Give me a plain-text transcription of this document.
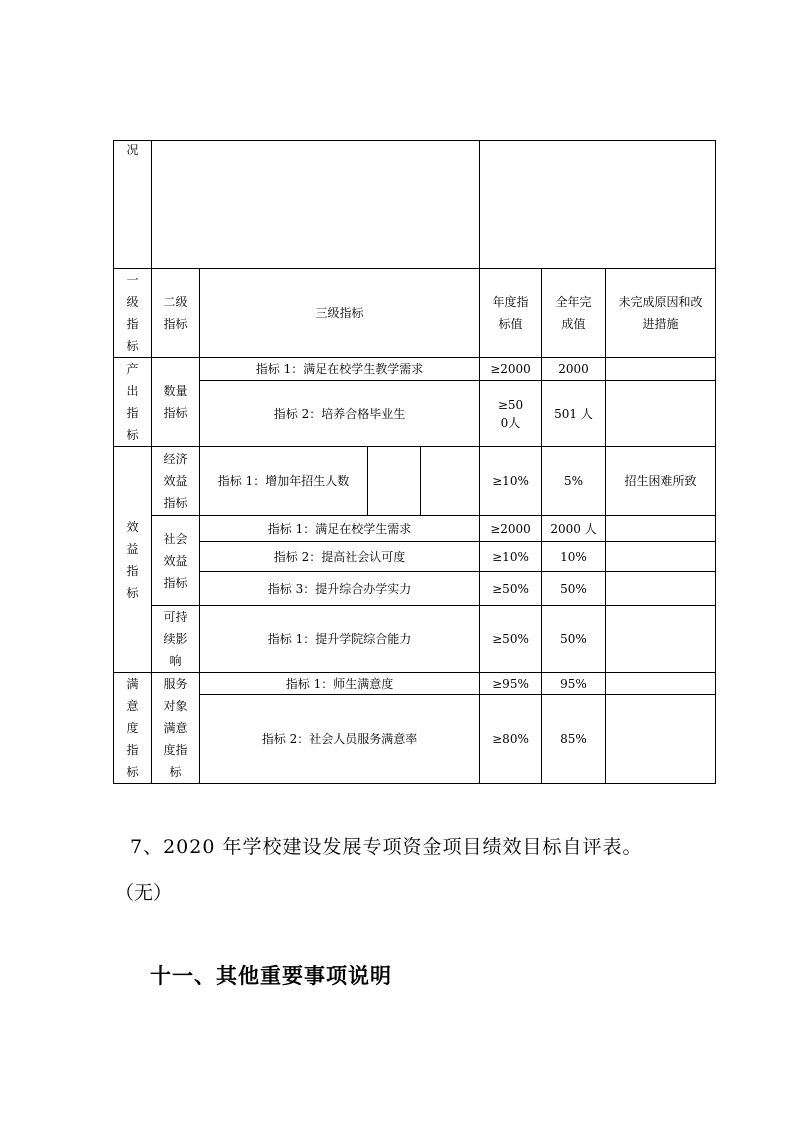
况							

一级指标	二级指标	三级指标			年度指标值	全年完成值	未完成原因和改进措施

产出指标	数量指标	指标 1：满足在校学生教学需求			≥2000	2000	
		指标 2：培养合格毕业生			≥500人	501 人	

效益指标	经济效益指标	指标 1：增加年招生人数			≥10%	5%	招生困难所致

	社会效益指标	指标 1：满足在校学生需求			≥2000	2000 人	
		指标 2：提高社会认可度			≥10%	10%	
		指标 3：提升综合办学实力			≥50%	50%	

	可持续影响	指标 1：提升学院综合能力			≥50%	50%	

满意度指标	服务对象满意度指标	指标 1：师生满意度			≥95%	95%	
		指标 2：社会人员服务满意率			≥80%	85%	

7、2020 年学校建设发展专项资金项目绩效目标自评表。

（无）

十一、其他重要事项说明
